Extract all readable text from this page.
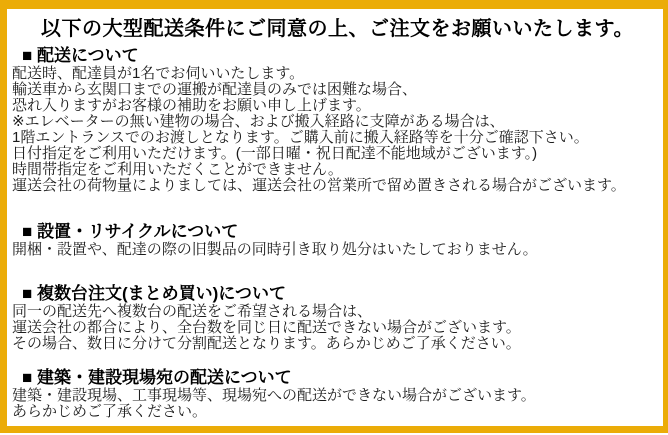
以下の大型配送条件にご同意の上、ご注文をお願いいたします。
■ 配送について

配送時、配達員が1名でお伺いいたします。

輸送車から玄関口までの運搬が配達員のみでは困難な場合、

恐れ入りますがお客様の補助をお願い申し上げます。

※エレベーターの無い建物の場合、および搬入経路に支障がある場合は、

1階エントランスでのお渡しとなります。ご購入前に搬入経路等を十分ご確認下さい。

日付指定をご利用いただけます。(一部日曜・祝日配達不能地域がございます。)

時間帯指定をご利用いただくことができません。

運送会社の荷物量によりましては、運送会社の営業所で留め置きされる場合がございます。

■ 設置・リサイクルについて

開梱・設置や、配達の際の旧製品の同時引き取り処分はいたしておりません。

■ 複数台注文(まとめ買い)について

同一の配送先へ複数台の配送をご希望される場合は、

運送会社の都合により、全台数を同じ日に配送できない場合がございます。

その場合、数日に分けて分割配送となります。あらかじめご了承ください。

■ 建築・建設現場宛の配送について

建築・建設現場、工事現場等、現場宛への配送ができない場合がございます。

あらかじめご了承ください。
